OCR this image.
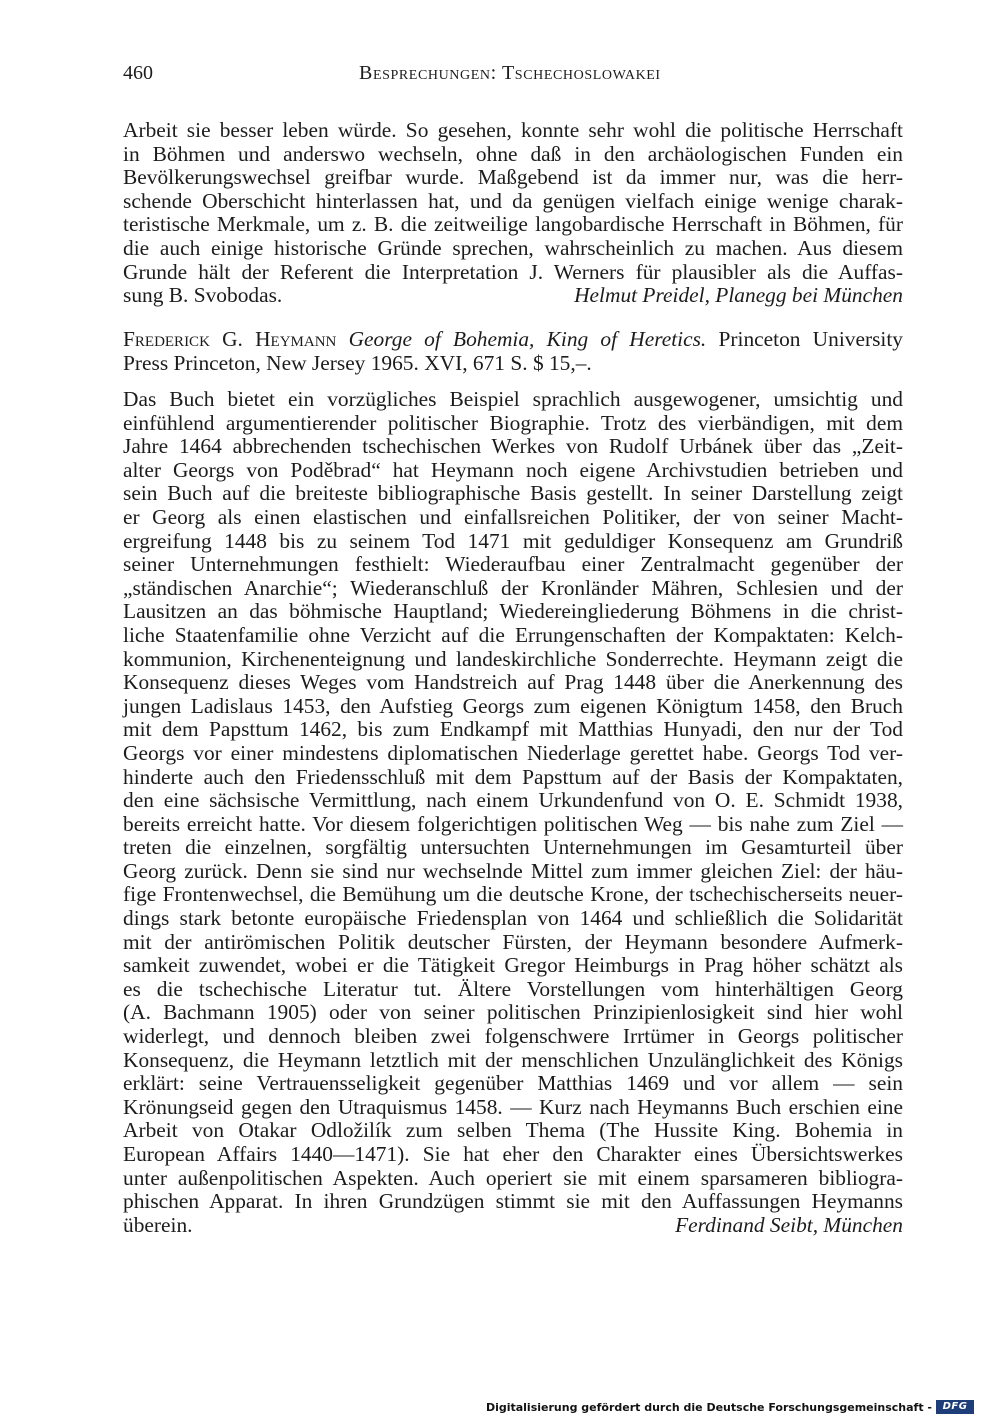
460	Besprechungen: Tschechoslowakei
Arbeit sie besser leben würde. So gesehen, konnte sehr wohl die politische Herrschaft
in Böhmen und anderswo wechseln, ohne daß in den archäologischen Funden ein
Bevölkerungswechsel greifbar wurde. Maßgebend ist da immer nur, was die herr-
schende Oberschicht hinterlassen hat, und da genügen vielfach einige wenige charak-
teristische Merkmale, um z. B. die zeitweilige langobardische Herrschaft in Böhmen, für
die auch einige historische Gründe sprechen, wahrscheinlich zu machen. Aus diesem
Grunde hält der Referent die Interpretation J. Werners für plausibler als die Auffas-
sung B. Svobodas.	Helmut Preidel, Planegg bei München
Frederick G. Heymann George of Bohemia, King of Heretics. Princeton University
Press Princeton, New Jersey 1965. XVI, 671 S. $ 15,–.
Das Buch bietet ein vorzügliches Beispiel sprachlich ausgewogener, umsichtig und
einfühlend argumentierender politischer Biographie. Trotz des vierbändigen, mit dem
Jahre 1464 abbrechenden tschechischen Werkes von Rudolf Urbánek über das „Zeit-
alter Georgs von Poděbrad“ hat Heymann noch eigene Archivstudien betrieben und
sein Buch auf die breiteste bibliographische Basis gestellt. In seiner Darstellung zeigt
er Georg als einen elastischen und einfallsreichen Politiker, der von seiner Macht-
ergreifung 1448 bis zu seinem Tod 1471 mit geduldiger Konsequenz am Grundriß
seiner Unternehmungen festhielt: Wiederaufbau einer Zentralmacht gegenüber der
„ständischen Anarchie“; Wiederanschluß der Kronländer Mähren, Schlesien und der
Lausitzen an das böhmische Hauptland; Wiedereingliederung Böhmens in die christ-
liche Staatenfamilie ohne Verzicht auf die Errungenschaften der Kompaktaten: Kelch-
kommunion, Kirchenenteignung und landeskirchliche Sonderrechte. Heymann zeigt die
Konsequenz dieses Weges vom Handstreich auf Prag 1448 über die Anerkennung des
jungen Ladislaus 1453, den Aufstieg Georgs zum eigenen Königtum 1458, den Bruch
mit dem Papsttum 1462, bis zum Endkampf mit Matthias Hunyadi, den nur der Tod
Georgs vor einer mindestens diplomatischen Niederlage gerettet habe. Georgs Tod ver-
hinderte auch den Friedensschluß mit dem Papsttum auf der Basis der Kompaktaten,
den eine sächsische Vermittlung, nach einem Urkundenfund von O. E. Schmidt 1938,
bereits erreicht hatte. Vor diesem folgerichtigen politischen Weg — bis nahe zum Ziel —
treten die einzelnen, sorgfältig untersuchten Unternehmungen im Gesamturteil über
Georg zurück. Denn sie sind nur wechselnde Mittel zum immer gleichen Ziel: der häu-
fige Frontenwechsel, die Bemühung um die deutsche Krone, der tschechischerseits neuer-
dings stark betonte europäische Friedensplan von 1464 und schließlich die Solidarität
mit der antirömischen Politik deutscher Fürsten, der Heymann besondere Aufmerk-
samkeit zuwendet, wobei er die Tätigkeit Gregor Heimburgs in Prag höher schätzt als
es die tschechische Literatur tut. Ältere Vorstellungen vom hinterhältigen Georg
(A. Bachmann 1905) oder von seiner politischen Prinzipienlosigkeit sind hier wohl
widerlegt, und dennoch bleiben zwei folgenschwere Irrtümer in Georgs politischer
Konsequenz, die Heymann letztlich mit der menschlichen Unzulänglichkeit des Königs
erklärt: seine Vertrauensseligkeit gegenüber Matthias 1469 und vor allem — sein
Krönungseid gegen den Utraquismus 1458. — Kurz nach Heymanns Buch erschien eine
Arbeit von Otakar Odložilík zum selben Thema (The Hussite King. Bohemia in
European Affairs 1440—1471). Sie hat eher den Charakter eines Übersichtswerkes
unter außenpolitischen Aspekten. Auch operiert sie mit einem sparsameren bibliogra-
phischen Apparat. In ihren Grundzügen stimmt sie mit den Auffassungen Heymanns
überein.	Ferdinand Seibt, München
Digitalisierung gefördert durch die Deutsche Forschungsgemeinschaft -	DFG
